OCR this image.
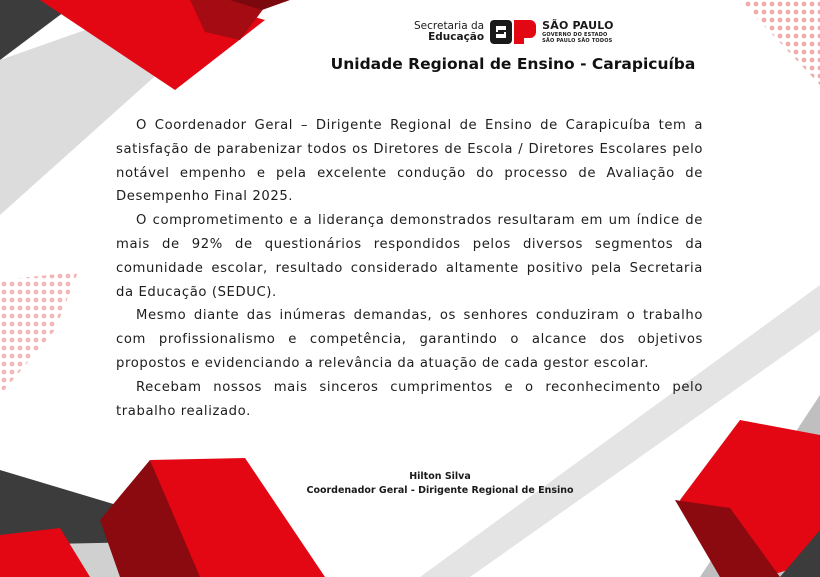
Secretaria da
Educação
SÃO PAULO
GOVERNO DO ESTADO
SÃO PAULO SÃO TODOS
Unidade Regional de Ensino - Carapicuíba

O Coordenador Geral – Dirigente Regional de Ensino de Carapicuíba tem a satisfação de parabenizar todos os Diretores de Escola / Diretores Escolares pelo notável empenho e pela excelente condução do processo de Avaliação de Desempenho Final 2025.

O comprometimento e a liderança demonstrados resultaram em um índice de mais de 92% de questionários respondidos pelos diversos segmentos da comunidade escolar, resultado considerado altamente positivo pela Secretaria da Educação (SEDUC).

Mesmo diante das inúmeras demandas, os senhores conduziram o trabalho com profissionalismo e competência, garantindo o alcance dos objetivos propostos e evidenciando a relevância da atuação de cada gestor escolar.

Recebam nossos mais sinceros cumprimentos e o reconhecimento pelo trabalho realizado.

Hilton Silva
Coordenador Geral - Dirigente Regional de Ensino
